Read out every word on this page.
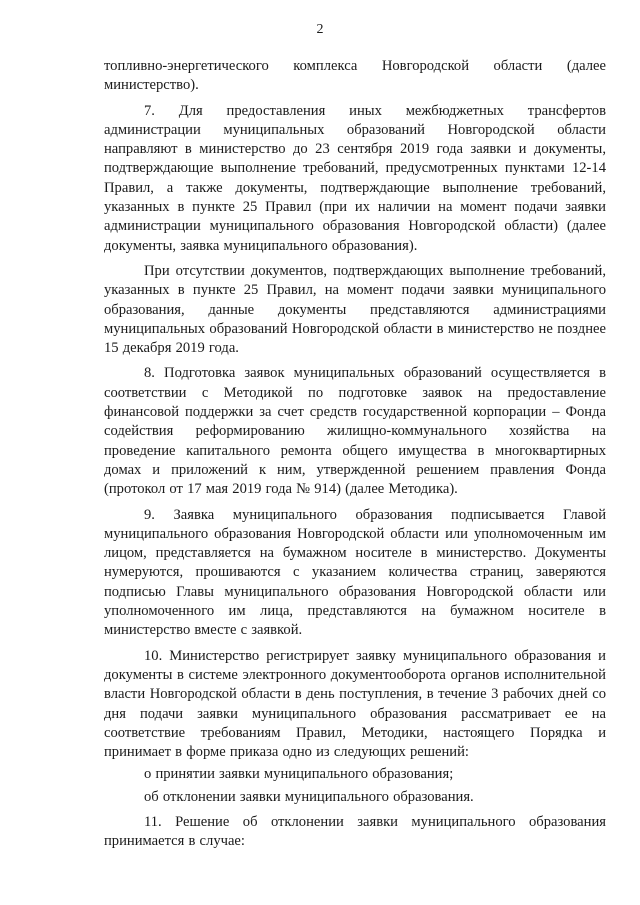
2

топливно-энергетического комплекса Новгородской области (далее министерство).

7. Для предоставления иных межбюджетных трансфертов администрации муниципальных образований Новгородской области направляют в министерство до 23 сентября 2019 года заявки и документы, подтверждающие выполнение требований, предусмотренных пунктами 12-14 Правил, а также документы, подтверждающие выполнение требований, указанных в пункте 25 Правил (при их наличии на момент подачи заявки администрации муниципального образования Новгородской области) (далее документы, заявка муниципального образования).

При отсутствии документов, подтверждающих выполнение требований, указанных в пункте 25 Правил, на момент подачи заявки муниципального образования, данные документы представляются администрациями муниципальных образований Новгородской области в министерство не позднее 15 декабря 2019 года.

8. Подготовка заявок муниципальных образований осуществляется в соответствии с Методикой по подготовке заявок на предоставление финансовой поддержки за счет средств государственной корпорации – Фонда содействия реформированию жилищно-коммунального хозяйства на проведение капитального ремонта общего имущества в многоквартирных домах и приложений к ним, утвержденной решением правления Фонда (протокол от 17 мая 2019 года № 914) (далее Методика).

9. Заявка муниципального образования подписывается Главой муниципального образования Новгородской области или уполномоченным им лицом, представляется на бумажном носителе в министерство. Документы нумеруются, прошиваются с указанием количества страниц, заверяются подписью Главы муниципального образования Новгородской области или уполномоченного им лица, представляются на бумажном носителе в министерство вместе с заявкой.

10. Министерство регистрирует заявку муниципального образования и документы в системе электронного документооборота органов исполнительной власти Новгородской области в день поступления, в течение 3 рабочих дней со дня подачи заявки муниципального образования рассматривает ее на соответствие требованиям Правил, Методики, настоящего Порядка и принимает в форме приказа одно из следующих решений:

о принятии заявки муниципального образования;

об отклонении заявки муниципального образования.

11. Решение об отклонении заявки муниципального образования принимается в случае:
